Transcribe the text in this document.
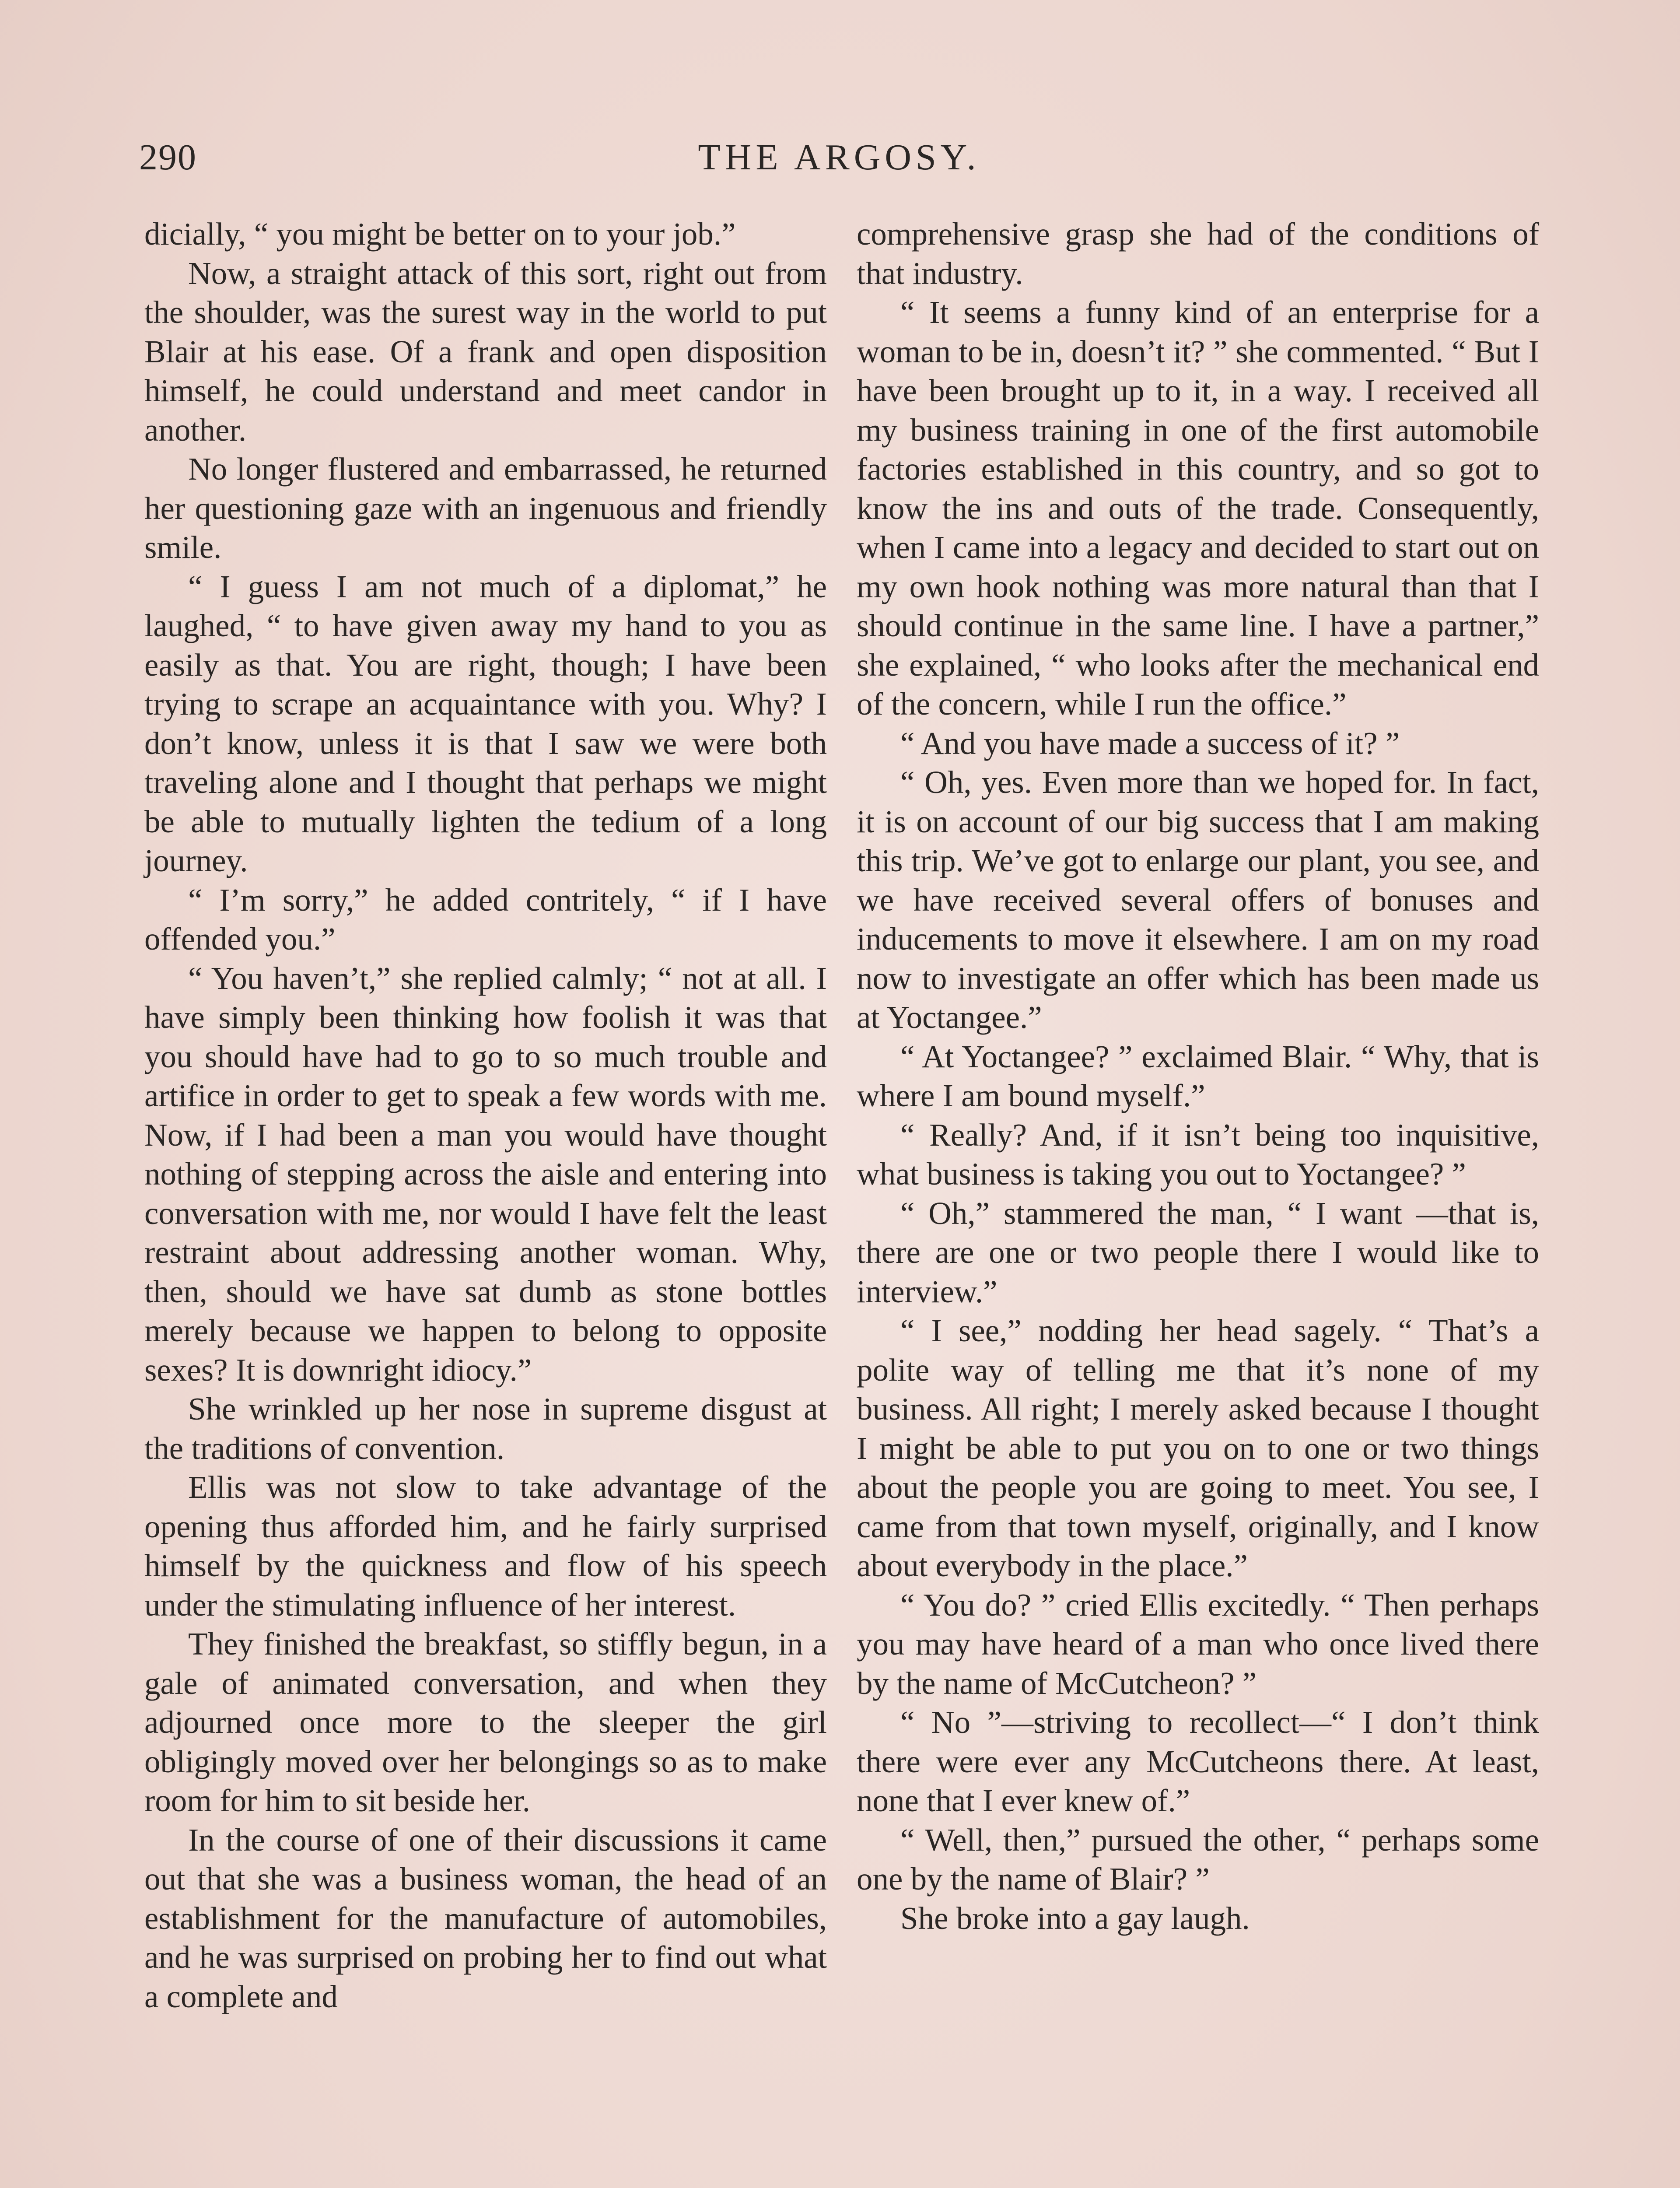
290	THE ARGOSY.

dicially, “ you might be better on to your job.”

Now, a straight attack of this sort, right out from the shoulder, was the surest way in the world to put Blair at his ease. Of a frank and open disposition himself, he could understand and meet candor in another.

No longer flustered and embarrassed, he returned her questioning gaze with an ingenuous and friendly smile.

“ I guess I am not much of a diplomat,” he laughed, “ to have given away my hand to you as easily as that. You are right, though; I have been trying to scrape an acquaintance with you. Why? I don’t know, unless it is that I saw we were both traveling alone and I thought that perhaps we might be able to mutually lighten the tedium of a long journey.

“ I’m sorry,” he added contritely, “ if I have offended you.”

“ You haven’t,” she replied calmly; “ not at all. I have simply been thinking how foolish it was that you should have had to go to so much trouble and artifice in order to get to speak a few words with me. Now, if I had been a man you would have thought nothing of stepping across the aisle and entering into conversation with me, nor would I have felt the least restraint about addressing another woman. Why, then, should we have sat dumb as stone bottles merely because we happen to belong to opposite sexes? It is downright idiocy.”

She wrinkled up her nose in supreme disgust at the traditions of convention.

Ellis was not slow to take advantage of the opening thus afforded him, and he fairly surprised himself by the quickness and flow of his speech under the stimulating influence of her interest.

They finished the breakfast, so stiffly begun, in a gale of animated conversation, and when they adjourned once more to the sleeper the girl obligingly moved over her belongings so as to make room for him to sit beside her.

In the course of one of their discussions it came out that she was a business woman, the head of an establishment for the manufacture of automobiles, and he was surprised on probing her to find out what a complete and

comprehensive grasp she had of the conditions of that industry.

“ It seems a funny kind of an enterprise for a woman to be in, doesn’t it? ” she commented. “ But I have been brought up to it, in a way. I received all my business training in one of the first automobile factories established in this country, and so got to know the ins and outs of the trade. Consequently, when I came into a legacy and decided to start out on my own hook nothing was more natural than that I should continue in the same line. I have a partner,” she explained, “ who looks after the mechanical end of the concern, while I run the office.”

“ And you have made a success of it? ”

“ Oh, yes. Even more than we hoped for. In fact, it is on account of our big success that I am making this trip. We’ve got to enlarge our plant, you see, and we have received several offers of bonuses and inducements to move it elsewhere. I am on my road now to investigate an offer which has been made us at Yoctangee.”

“ At Yoctangee? ” exclaimed Blair. “ Why, that is where I am bound myself.”

“ Really? And, if it isn’t being too inquisitive, what business is taking you out to Yoctangee? ”

“ Oh,” stammered the man, “ I want —that is, there are one or two people there I would like to interview.”

“ I see,” nodding her head sagely. “ That’s a polite way of telling me that it’s none of my business. All right; I merely asked because I thought I might be able to put you on to one or two things about the people you are going to meet. You see, I came from that town myself, originally, and I know about everybody in the place.”

“ You do? ” cried Ellis excitedly. “ Then perhaps you may have heard of a man who once lived there by the name of McCutcheon? ”

“ No ”—striving to recollect—“ I don’t think there were ever any McCutcheons there. At least, none that I ever knew of.”

“ Well, then,” pursued the other, “ perhaps some one by the name of Blair? ”

She broke into a gay laugh.
